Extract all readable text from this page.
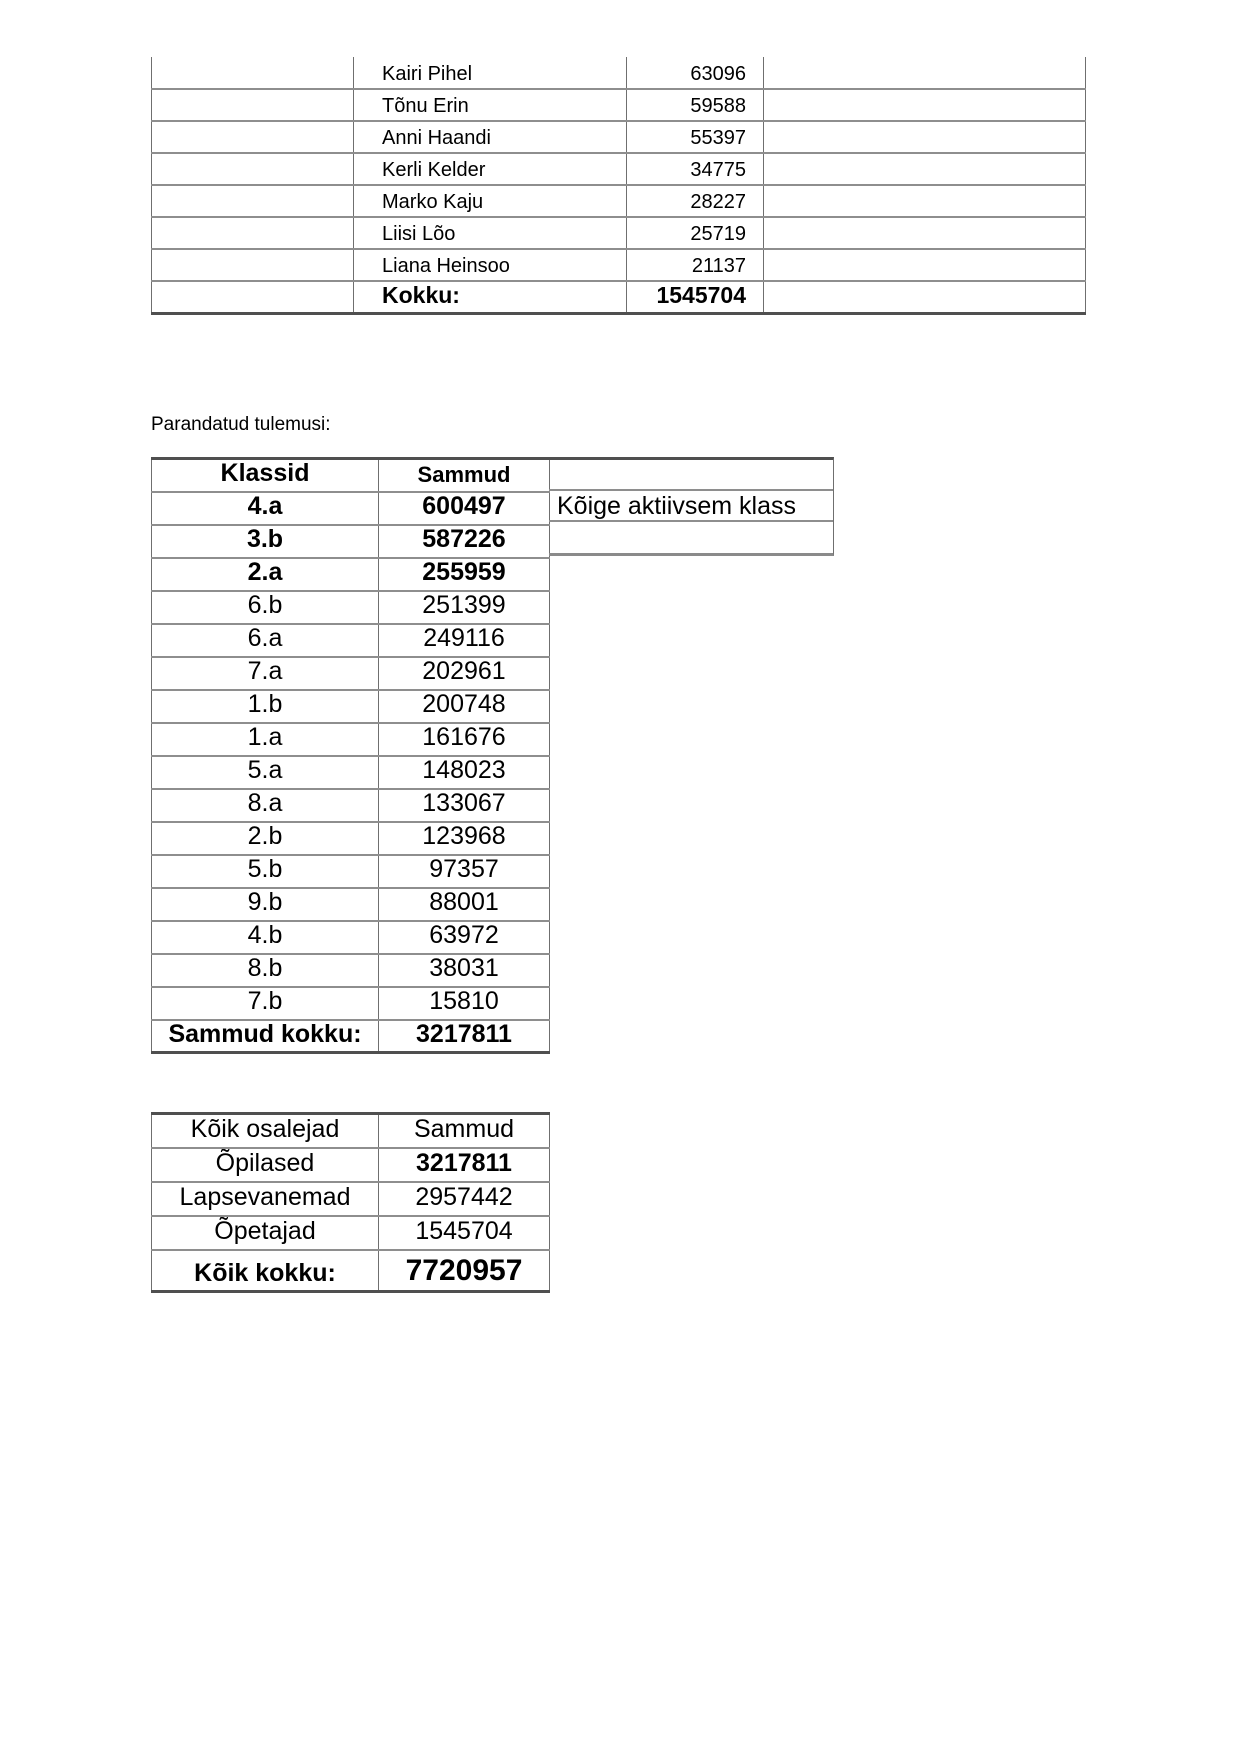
	Kairi Pihel	63096	
	Tõnu Erin	59588	
	Anni Haandi	55397	
	Kerli Kelder	34775	
	Marko Kaju	28227	
	Liisi Lõo	25719	
	Liana Heinsoo	21137	
	Kokku:	1545704	
Parandatud tulemusi:
Klassid	Sammud
4.a	600497
3.b	587226
2.a	255959
6.b	251399
6.a	249116
7.a	202961
1.b	200748
1.a	161676
5.a	148023
8.a	133067
2.b	123968
5.b	97357
9.b	88001
4.b	63972
8.b	38031
7.b	15810
Sammud kokku:	3217811
Kõige aktiivsem klass
Kõik osalejad	Sammud
Õpilased	3217811
Lapsevanemad	2957442
Õpetajad	1545704
Kõik kokku:	7720957
